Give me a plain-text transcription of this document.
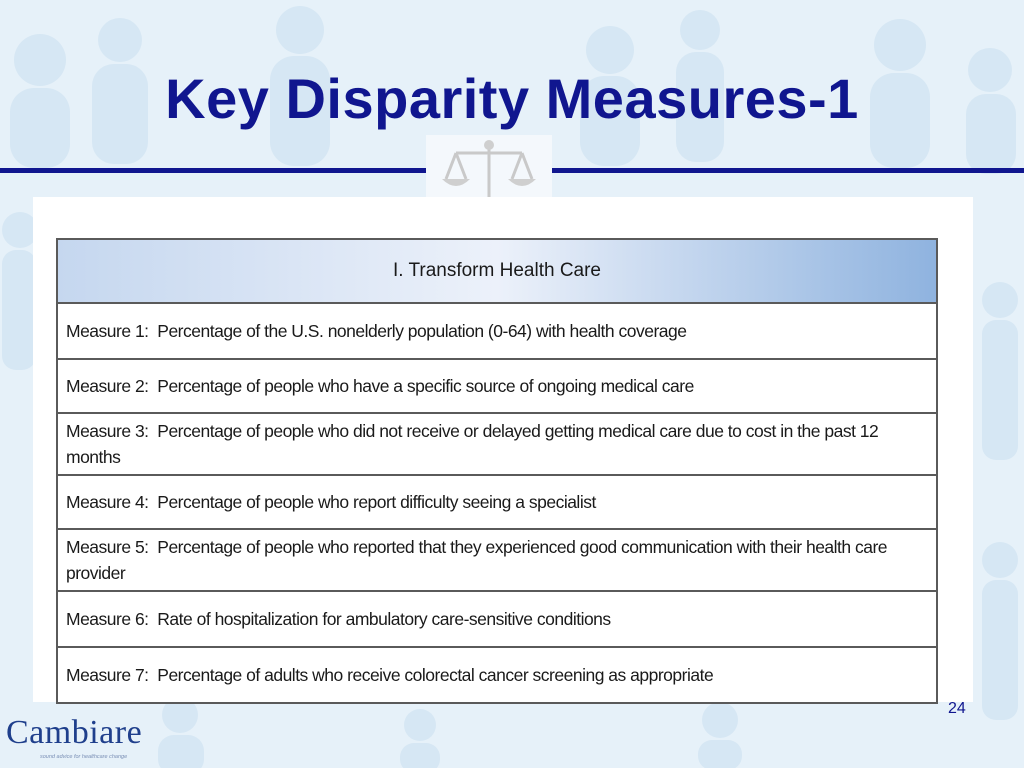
Key Disparity Measures-1
I. Transform Health Care
Measure 1:  Percentage of the U.S. nonelderly population (0-64) with health coverage
Measure 2:  Percentage of people who have a specific source of ongoing medical care
Measure 3:  Percentage of people who did not receive or delayed getting medical care due to cost in the past 12 months
Measure 4:  Percentage of people who report difficulty seeing a specialist
Measure 5:  Percentage of people who reported that they experienced good communication with their health care provider
Measure 6:  Rate of hospitalization for ambulatory care-sensitive conditions
Measure 7:  Percentage of adults who receive colorectal cancer screening as appropriate
24
Cambiare
sound advice for healthcare change
